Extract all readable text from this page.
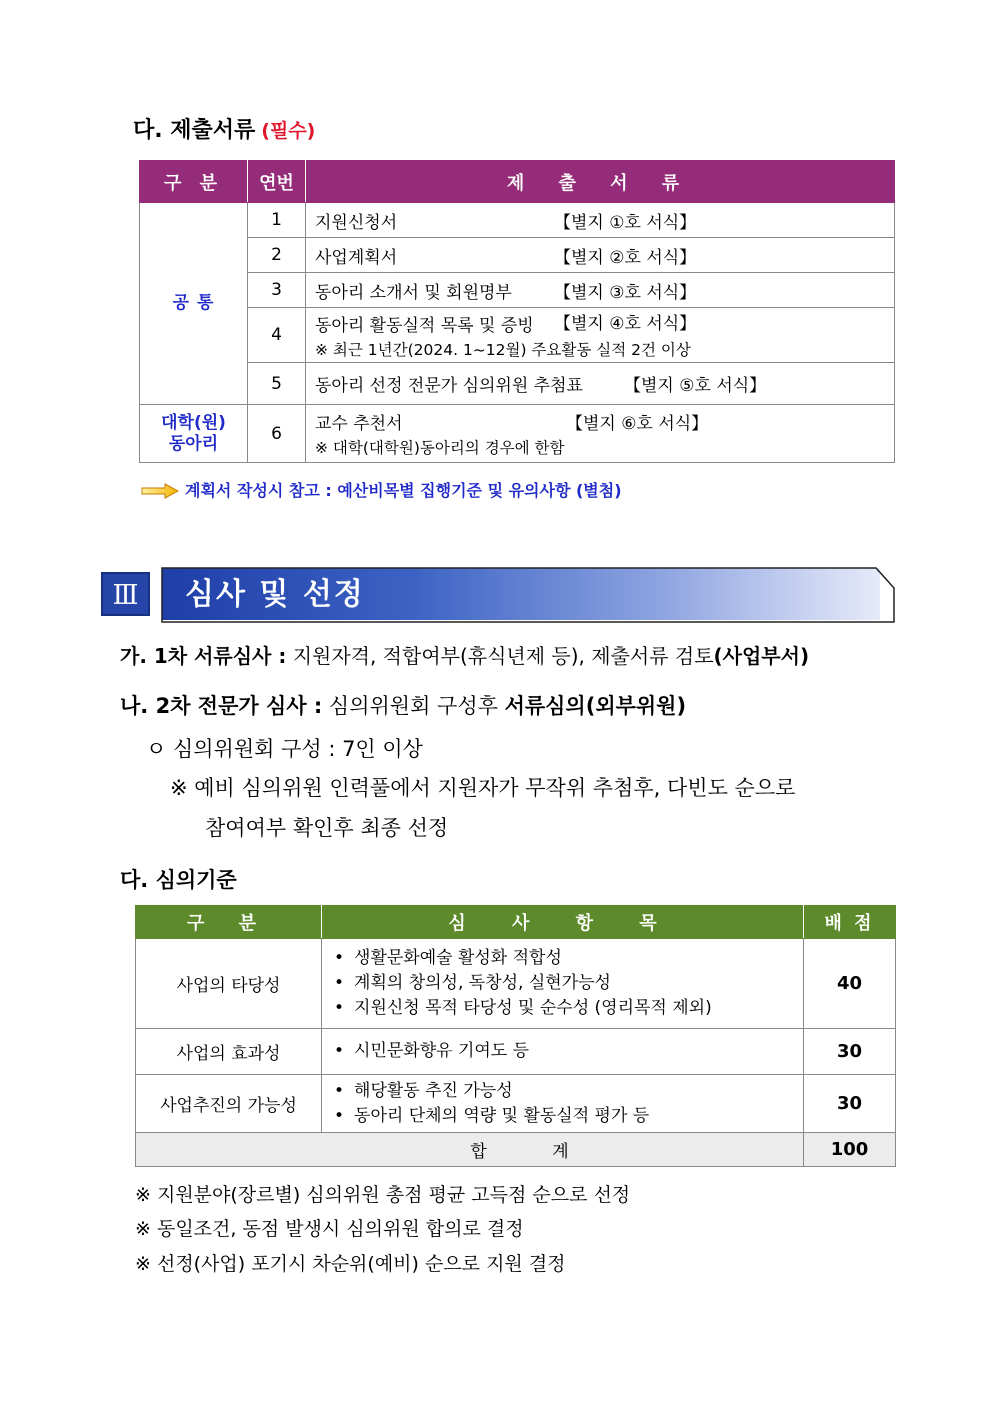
다. 제출서류 (필수)
구 분	연번	제 출 서 류
공 통	1	지원신청서 【별지 ①호 서식】

	2	사업계획서 【별지 ②호 서식】

	3	동아리 소개서 및 회원명부 【별지 ③호 서식】

	4	동아리 활동실적 목록 및 증빙 【별지 ④호 서식】
※ 최근 1년간(2024. 1~12월) 주요활동 실적 2건 이상

	5	동아리 선정 전문가 심의위원 추첨표 【별지 ⑤호 서식】

대학(원)
동아리	6	교수 추천서 【별지 ⑥호 서식】
※ 대학(대학원)동아리의 경우에 한함
계획서 작성시 참고 : 예산비목별 집행기준 및 유의사항 (별첨)
Ⅲ	심사 및 선정
가. 1차 서류심사 : 지원자격, 적합여부(휴식년제 등), 제출서류 검토(사업부서)
나. 2차 전문가 심사 : 심의위원회 구성후 서류심의(외부위원)
ㅇ 심의위원회 구성 : 7인 이상
※ 예비 심의위원 인력풀에서 지원자가 무작위 추첨후, 다빈도 순으로
참여여부 확인후 최종 선정
다. 심의기준
구 분	심 사 항 목	배 점
사업의 타당성	• 생활문화예술 활성화 적합성
• 계획의 창의성, 독창성, 실현가능성
• 지원신청 목적 타당성 및 순수성 (영리목적 제외)	40
사업의 효과성	• 시민문화향유 기여도 등	30
사업추진의 가능성	• 해당활동 추진 가능성
• 동아리 단체의 역량 및 활동실적 평가 등	30
합 계		100
※ 지원분야(장르별) 심의위원 총점 평균 고득점 순으로 선정
※ 동일조건, 동점 발생시 심의위원 합의로 결정
※ 선정(사업) 포기시 차순위(예비) 순으로 지원 결정
